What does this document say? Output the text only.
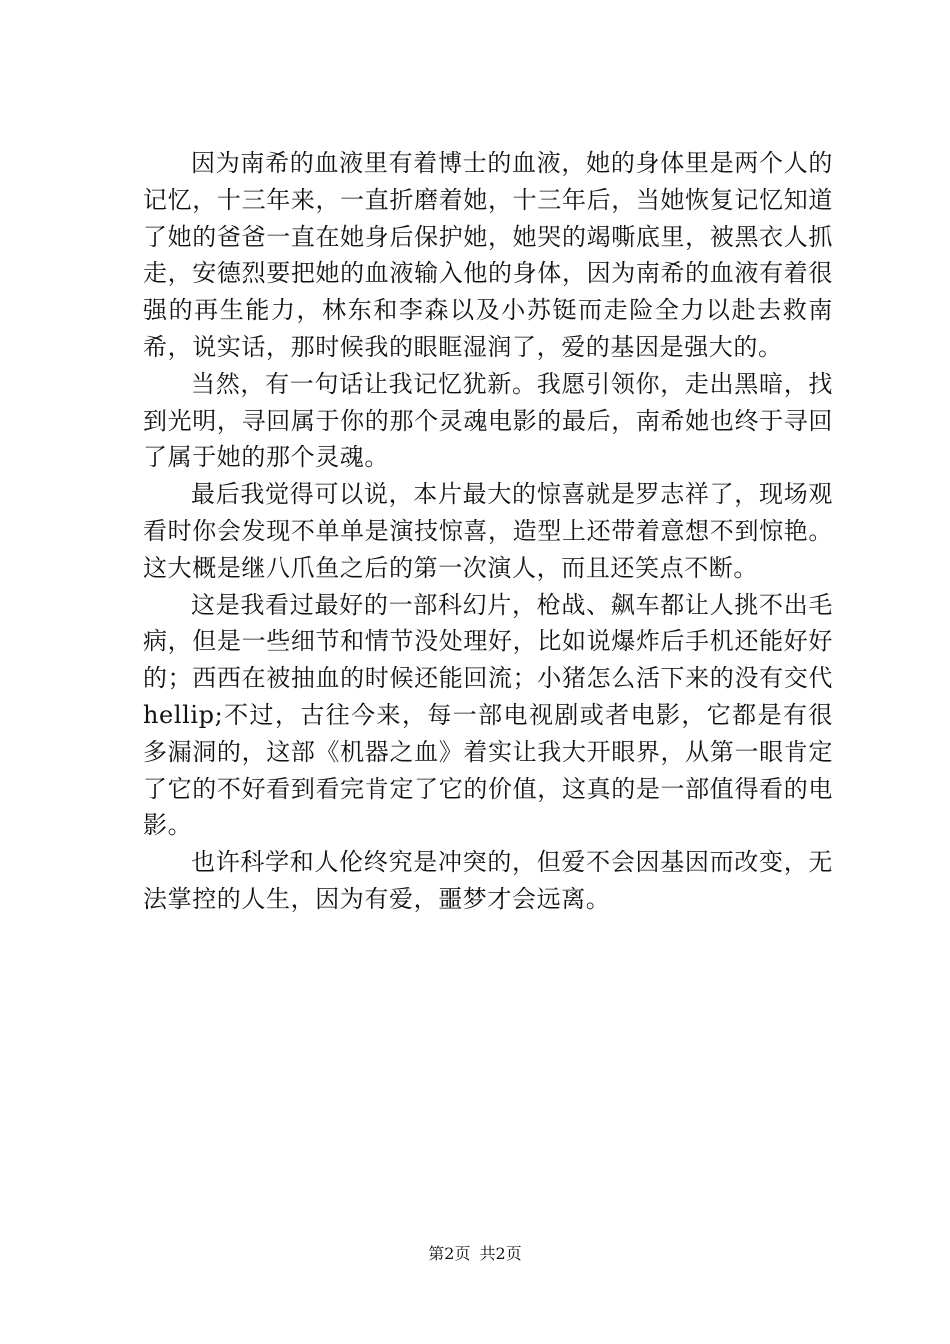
因为南希的血液里有着博士的血液，她的身体里是两个人的记忆，十三年来，一直折磨着她，十三年后，当她恢复记忆知道了她的爸爸一直在她身后保护她，她哭的竭嘶底里，被黑衣人抓走，安德烈要把她的血液输入他的身体，因为南希的血液有着很强的再生能力，林东和李森以及小苏铤而走险全力以赴去救南希，说实话，那时候我的眼眶湿润了，爱的基因是强大的。

当然，有一句话让我记忆犹新。我愿引领你，走出黑暗，找到光明，寻回属于你的那个灵魂电影的最后，南希她也终于寻回了属于她的那个灵魂。

最后我觉得可以说，本片最大的惊喜就是罗志祥了，现场观看时你会发现不单单是演技惊喜，造型上还带着意想不到惊艳。这大概是继八爪鱼之后的第一次演人，而且还笑点不断。

这是我看过最好的一部科幻片，枪战、飙车都让人挑不出毛病，但是一些细节和情节没处理好，比如说爆炸后手机还能好好的；西西在被抽血的时候还能回流；小猪怎么活下来的没有交代hellip;不过，古往今来，每一部电视剧或者电影，它都是有很多漏洞的，这部《机器之血》着实让我大开眼界，从第一眼肯定了它的不好看到看完肯定了它的价值，这真的是一部值得看的电影。

也许科学和人伦终究是冲突的，但爱不会因基因而改变，无法掌控的人生，因为有爱，噩梦才会远离。

第2页 共2页
